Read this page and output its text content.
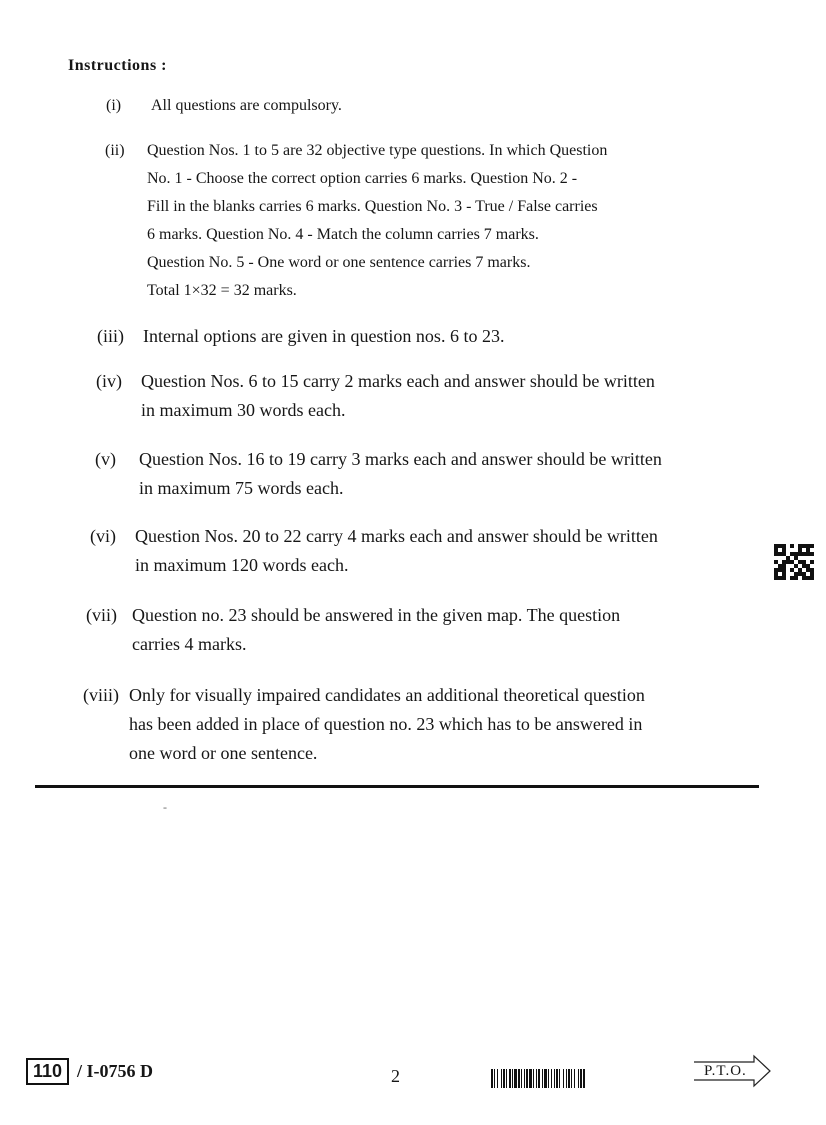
Instructions :
(i) All questions are compulsory.
(ii) Question Nos. 1 to 5 are 32 objective type questions. In which Question
No. 1 - Choose the correct option carries 6 marks. Question No. 2 -
Fill in the blanks carries 6 marks. Question No. 3 - True / False carries
6 marks. Question No. 4 - Match the column carries 7 marks.
Question No. 5 - One word or one sentence carries 7 marks.
Total 1×32 = 32 marks.
(iii) Internal options are given in question nos. 6 to 23.
(iv) Question Nos. 6 to 15 carry 2 marks each and answer should be written
in maximum 30 words each.
(v) Question Nos. 16 to 19 carry 3 marks each and answer should be written
in maximum 75 words each.
(vi) Question Nos. 20 to 22 carry 4 marks each and answer should be written
in maximum 120 words each.
(vii) Question no. 23 should be answered in the given map. The question
carries 4 marks.
(viii) Only for visually impaired candidates an additional theoretical question
has been added in place of question no. 23 which has to be answered in
one word or one sentence.
-
110 / I-0756 D	2	P.T.O.
